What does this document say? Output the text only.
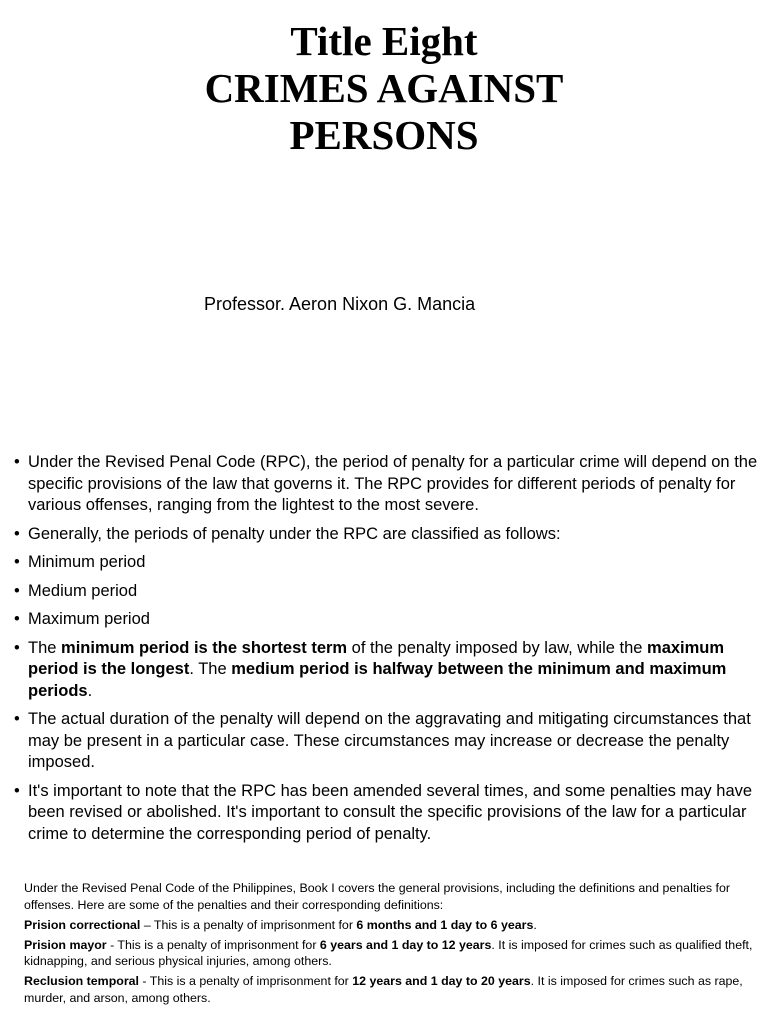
Title Eight
CRIMES AGAINST
PERSONS
Professor. Aeron Nixon G. Mancia
• Under the Revised Penal Code (RPC), the period of penalty for a particular crime will depend on the specific provisions of the law that governs it. The RPC provides for different periods of penalty for various offenses, ranging from the lightest to the most severe.
• Generally, the periods of penalty under the RPC are classified as follows:
• Minimum period
• Medium period
• Maximum period
• The minimum period is the shortest term of the penalty imposed by law, while the maximum period is the longest. The medium period is halfway between the minimum and maximum periods.
• The actual duration of the penalty will depend on the aggravating and mitigating circumstances that may be present in a particular case. These circumstances may increase or decrease the penalty imposed.
• It's important to note that the RPC has been amended several times, and some penalties may have been revised or abolished. It's important to consult the specific provisions of the law for a particular crime to determine the corresponding period of penalty.

Under the Revised Penal Code of the Philippines, Book I covers the general provisions, including the definitions and penalties for offenses. Here are some of the penalties and their corresponding definitions:

Prision correctional – This is a penalty of imprisonment for 6 months and 1 day to 6 years.

Prision mayor - This is a penalty of imprisonment for 6 years and 1 day to 12 years. It is imposed for crimes such as qualified theft, kidnapping, and serious physical injuries, among others.

Reclusion temporal - This is a penalty of imprisonment for 12 years and 1 day to 20 years. It is imposed for crimes such as rape, murder, and arson, among others.
